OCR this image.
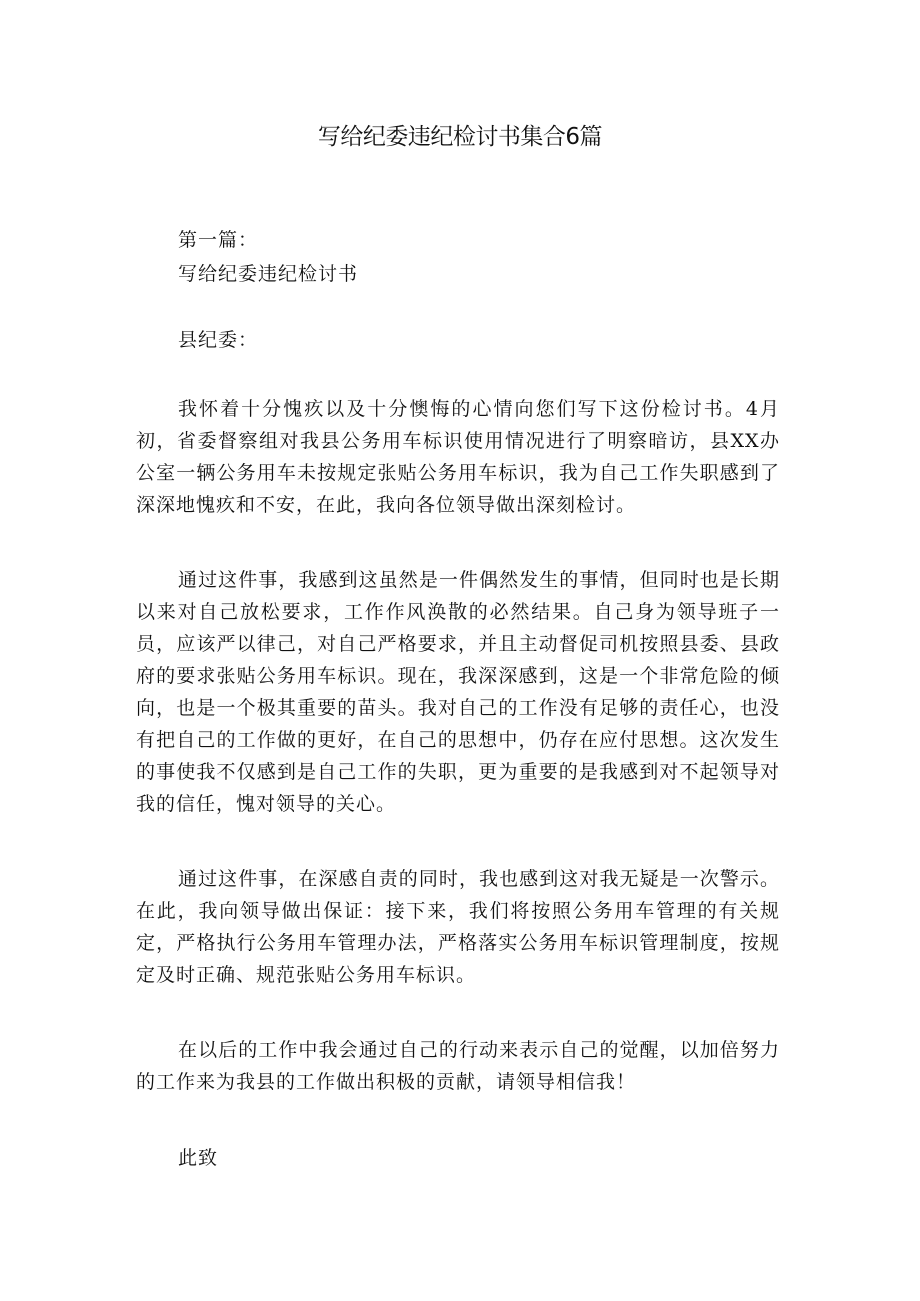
写给纪委违纪检讨书集合6篇

第一篇：

写给纪委违纪检讨书

县纪委：

我怀着十分愧疚以及十分懊悔的心情向您们写下这份检讨书。4月初，省委督察组对我县公务用车标识使用情况进行了明察暗访，县XX办公室一辆公务用车未按规定张贴公务用车标识，我为自己工作失职感到了深深地愧疚和不安，在此，我向各位领导做出深刻检讨。

通过这件事，我感到这虽然是一件偶然发生的事情，但同时也是长期以来对自己放松要求，工作作风涣散的必然结果。自己身为领导班子一员，应该严以律己，对自己严格要求，并且主动督促司机按照县委、县政府的要求张贴公务用车标识。现在，我深深感到，这是一个非常危险的倾向，也是一个极其重要的苗头。我对自己的工作没有足够的责任心，也没有把自己的工作做的更好，在自己的思想中，仍存在应付思想。这次发生的事使我不仅感到是自己工作的失职，更为重要的是我感到对不起领导对我的信任，愧对领导的关心。

通过这件事，在深感自责的同时，我也感到这对我无疑是一次警示。在此，我向领导做出保证：接下来，我们将按照公务用车管理的有关规定，严格执行公务用车管理办法，严格落实公务用车标识管理制度，按规定及时正确、规范张贴公务用车标识。

在以后的工作中我会通过自己的行动来表示自己的觉醒，以加倍努力的工作来为我县的工作做出积极的贡献，请领导相信我！

此致
